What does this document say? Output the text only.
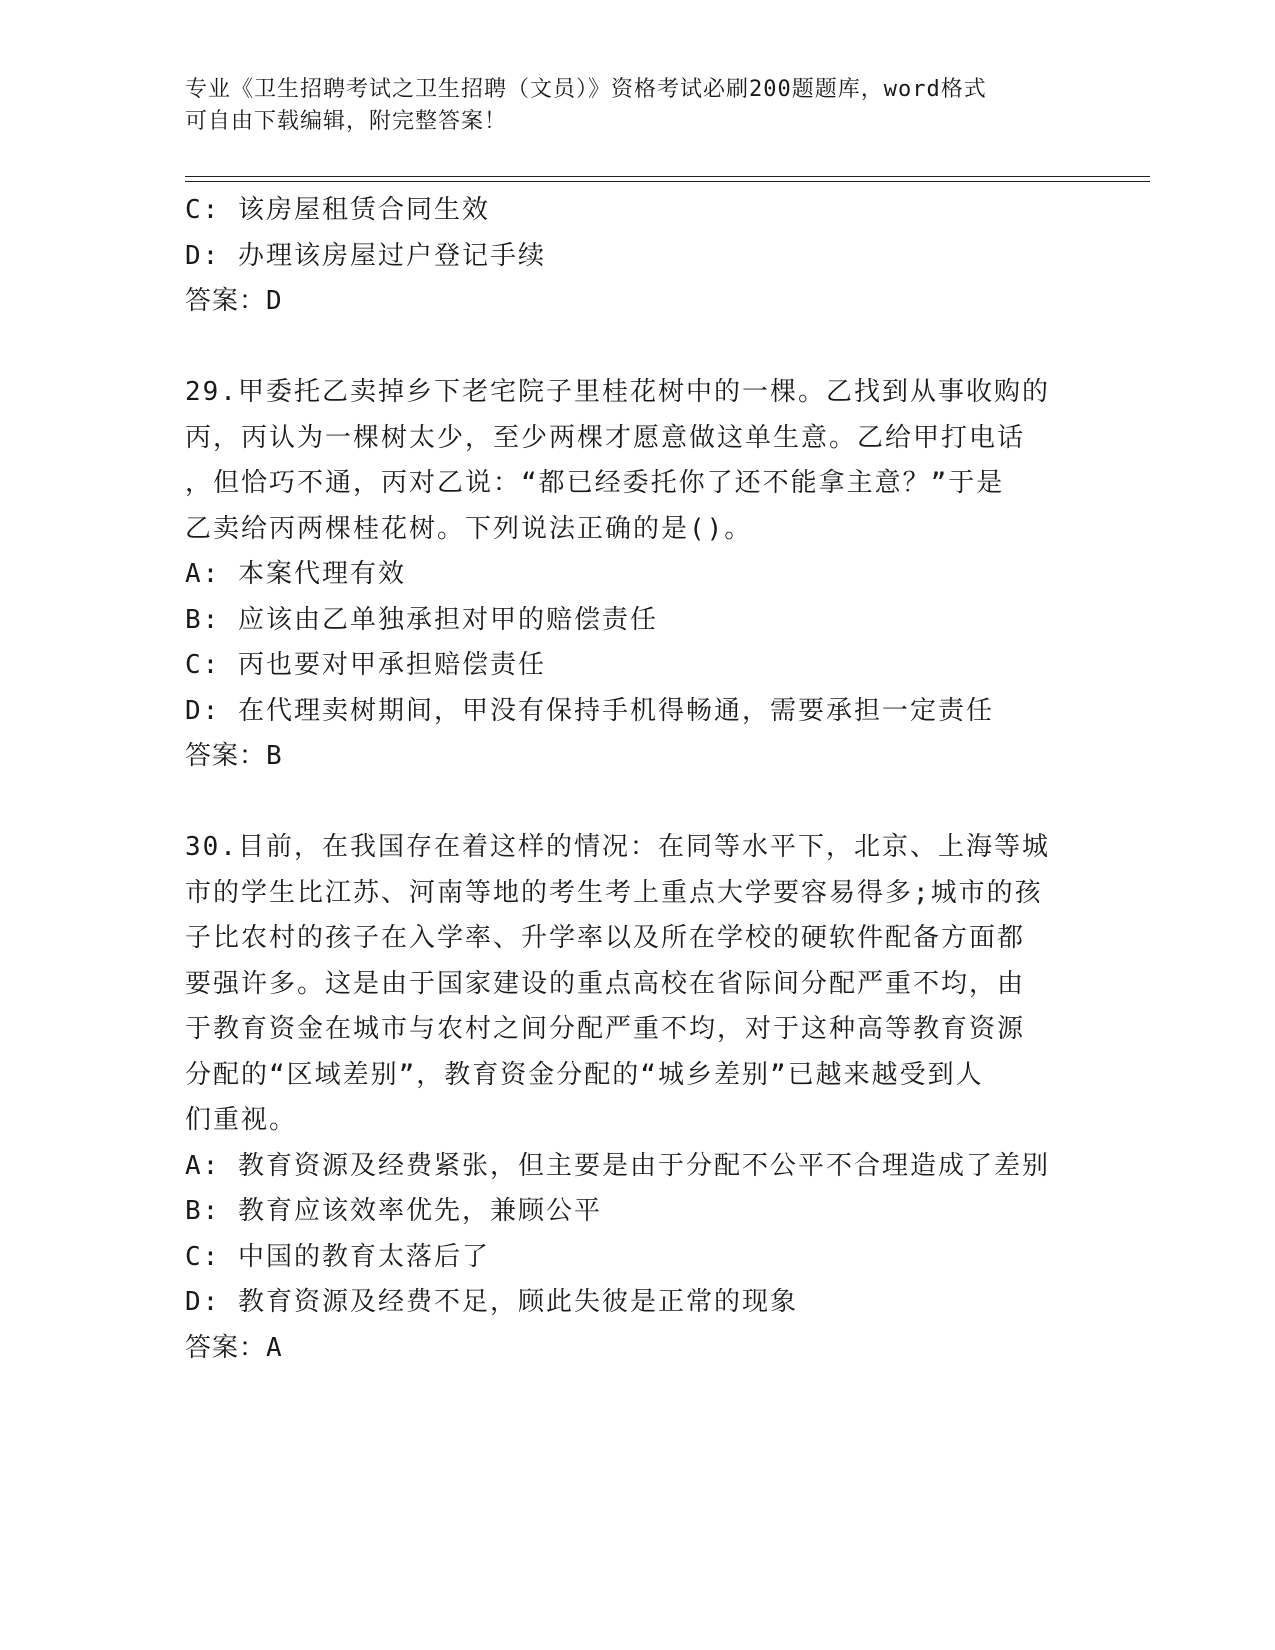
专业《卫生招聘考试之卫生招聘（文员）》资格考试必刷200题题库，word格式
可自由下载编辑，附完整答案！
C: 该房屋租赁合同生效
D: 办理该房屋过户登记手续
答案：D
29.甲委托乙卖掉乡下老宅院子里桂花树中的一棵。乙找到从事收购的
丙，丙认为一棵树太少，至少两棵才愿意做这单生意。乙给甲打电话
，但恰巧不通，丙对乙说：“都已经委托你了还不能拿主意？”于是
乙卖给丙两棵桂花树。下列说法正确的是()。
A: 本案代理有效
B: 应该由乙单独承担对甲的赔偿责任
C: 丙也要对甲承担赔偿责任
D: 在代理卖树期间，甲没有保持手机得畅通，需要承担一定责任
答案：B
30.目前，在我国存在着这样的情况：在同等水平下，北京、上海等城
市的学生比江苏、河南等地的考生考上重点大学要容易得多;城市的孩
子比农村的孩子在入学率、升学率以及所在学校的硬软件配备方面都
要强许多。这是由于国家建设的重点高校在省际间分配严重不均，由
于教育资金在城市与农村之间分配严重不均，对于这种高等教育资源
分配的“区域差别”，教育资金分配的“城乡差别”已越来越受到人
们重视。
A: 教育资源及经费紧张，但主要是由于分配不公平不合理造成了差别
B: 教育应该效率优先，兼顾公平
C: 中国的教育太落后了
D: 教育资源及经费不足，顾此失彼是正常的现象
答案：A
